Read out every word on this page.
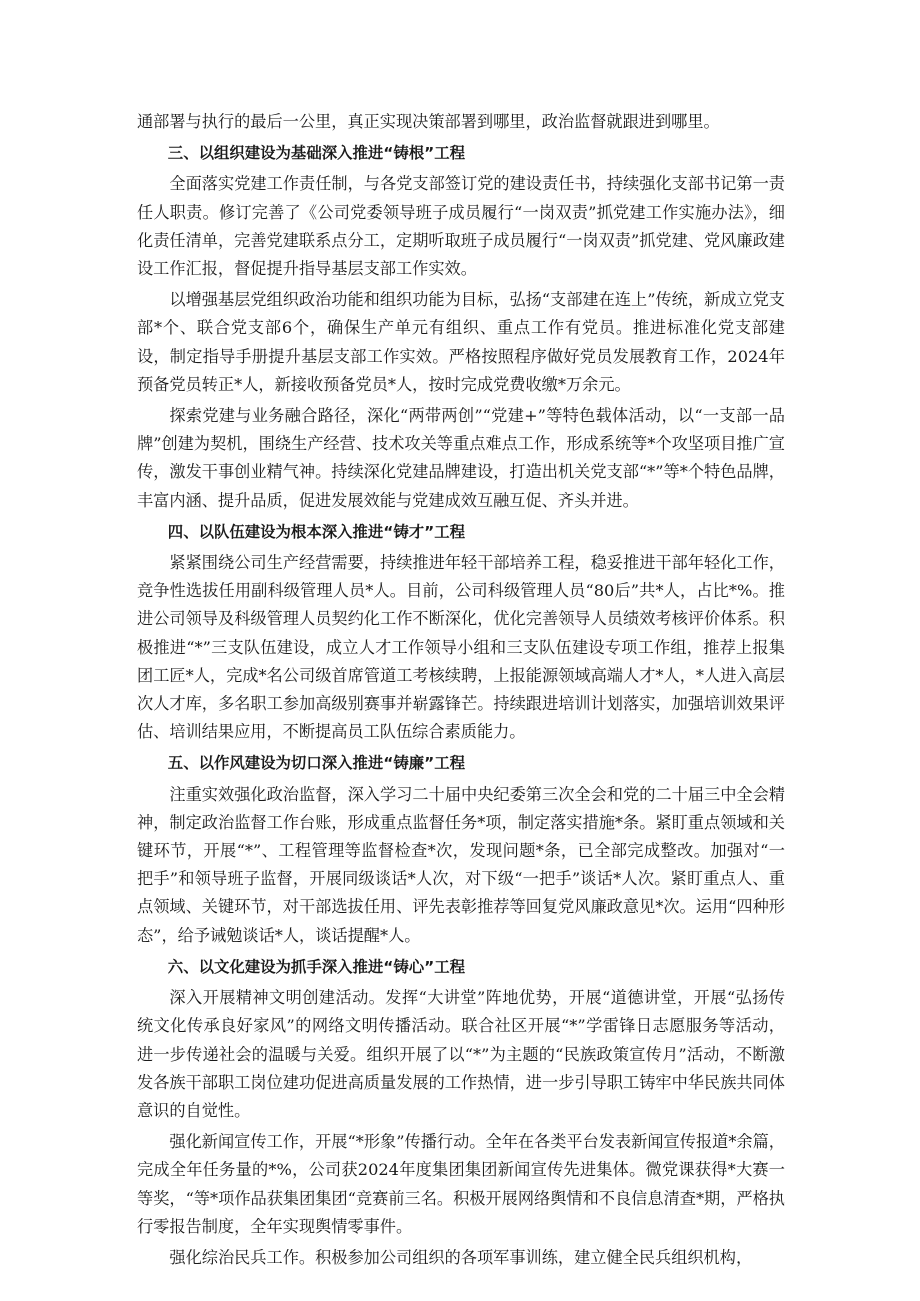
通部署与执行的最后一公里，真正实现决策部署到哪里，政治监督就跟进到哪里。

三、以组织建设为基础深入推进“铸根”工程

全面落实党建工作责任制，与各党支部签订党的建设责任书，持续强化支部书记第一责任人职责。修订完善了《公司党委领导班子成员履行“一岗双责”抓党建工作实施办法》，细化责任清单，完善党建联系点分工，定期听取班子成员履行“一岗双责”抓党建、党风廉政建设工作汇报，督促提升指导基层支部工作实效。

以增强基层党组织政治功能和组织功能为目标，弘扬“支部建在连上”传统，新成立党支部*个、联合党支部6个，确保生产单元有组织、重点工作有党员。推进标准化党支部建设，制定指导手册提升基层支部工作实效。严格按照程序做好党员发展教育工作，2024年预备党员转正*人，新接收预备党员*人，按时完成党费收缴*万余元。

探索党建与业务融合路径，深化“两带两创”“党建+”等特色载体活动，以“一支部一品牌”创建为契机，围绕生产经营、技术攻关等重点难点工作，形成系统等*个攻坚项目推广宣传，激发干事创业精气神。持续深化党建品牌建设，打造出机关党支部“*”等*个特色品牌，丰富内涵、提升品质，促进发展效能与党建成效互融互促、齐头并进。

四、以队伍建设为根本深入推进“铸才”工程

紧紧围绕公司生产经营需要，持续推进年轻干部培养工程，稳妥推进干部年轻化工作，竞争性选拔任用副科级管理人员*人。目前，公司科级管理人员“80后”共*人，占比*%。推进公司领导及科级管理人员契约化工作不断深化，优化完善领导人员绩效考核评价体系。积极推进“*”三支队伍建设，成立人才工作领导小组和三支队伍建设专项工作组，推荐上报集团工匠*人，完成*名公司级首席管道工考核续聘，上报能源领域高端人才*人，*人进入高层次人才库，多名职工参加高级别赛事并崭露锋芒。持续跟进培训计划落实，加强培训效果评估、培训结果应用，不断提高员工队伍综合素质能力。

五、以作风建设为切口深入推进“铸廉”工程

注重实效强化政治监督，深入学习二十届中央纪委第三次全会和党的二十届三中全会精神，制定政治监督工作台账，形成重点监督任务*项，制定落实措施*条。紧盯重点领域和关键环节，开展“*”、工程管理等监督检查*次，发现问题*条，已全部完成整改。加强对“一把手”和领导班子监督，开展同级谈话*人次，对下级“一把手”谈话*人次。紧盯重点人、重点领域、关键环节，对干部选拔任用、评先表彰推荐等回复党风廉政意见*次。运用“四种形态”，给予诫勉谈话*人，谈话提醒*人。

六、以文化建设为抓手深入推进“铸心”工程

深入开展精神文明创建活动。发挥“大讲堂”阵地优势，开展“道德讲堂，开展“弘扬传统文化传承良好家风”的网络文明传播活动。联合社区开展“*”学雷锋日志愿服务等活动，进一步传递社会的温暖与关爱。组织开展了以“*”为主题的“民族政策宣传月”活动，不断激发各族干部职工岗位建功促进高质量发展的工作热情，进一步引导职工铸牢中华民族共同体意识的自觉性。

强化新闻宣传工作，开展“*形象”传播行动。全年在各类平台发表新闻宣传报道*余篇，完成全年任务量的*%，公司获2024年度集团集团新闻宣传先进集体。微党课获得*大赛一等奖，“等*项作品获集团集团“竞赛前三名。积极开展网络舆情和不良信息清查*期，严格执行零报告制度，全年实现舆情零事件。

强化综治民兵工作。积极参加公司组织的各项军事训练，建立健全民兵组织机构，
